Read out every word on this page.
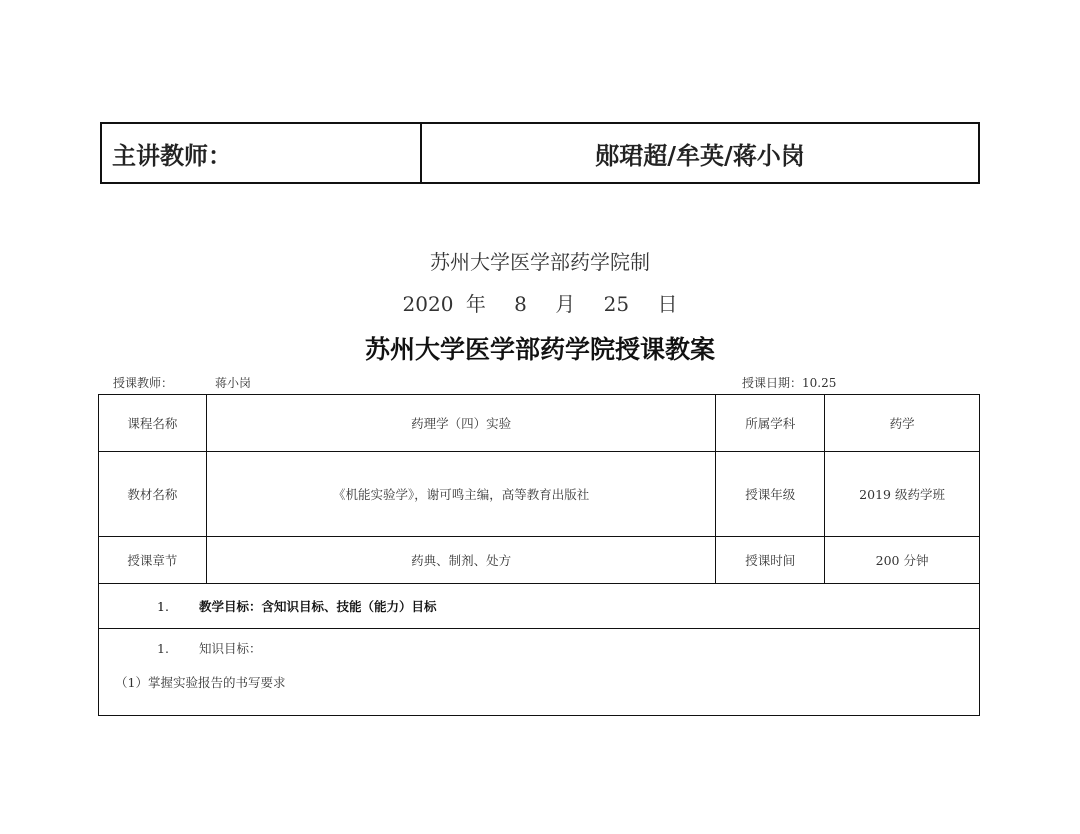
主讲教师：	郧珺超/牟英/蒋小岗
苏州大学医学部药学院制
2020 年 8 月 25 日
苏州大学医学部药学院授课教案
授课教师：	蒋小岗	授课日期：10.25
课程名称	药理学（四）实验	所属学科	药学
教材名称	《机能实验学》，谢可鸣主编，高等教育出版社	授课年级	2019 级药学班
授课章节	药典、制剂、处方	授课时间	200 分钟
1. 教学目标：含知识目标、技能（能力）目标			

1. 知识目标：
（1）掌握实验报告的书写要求			
